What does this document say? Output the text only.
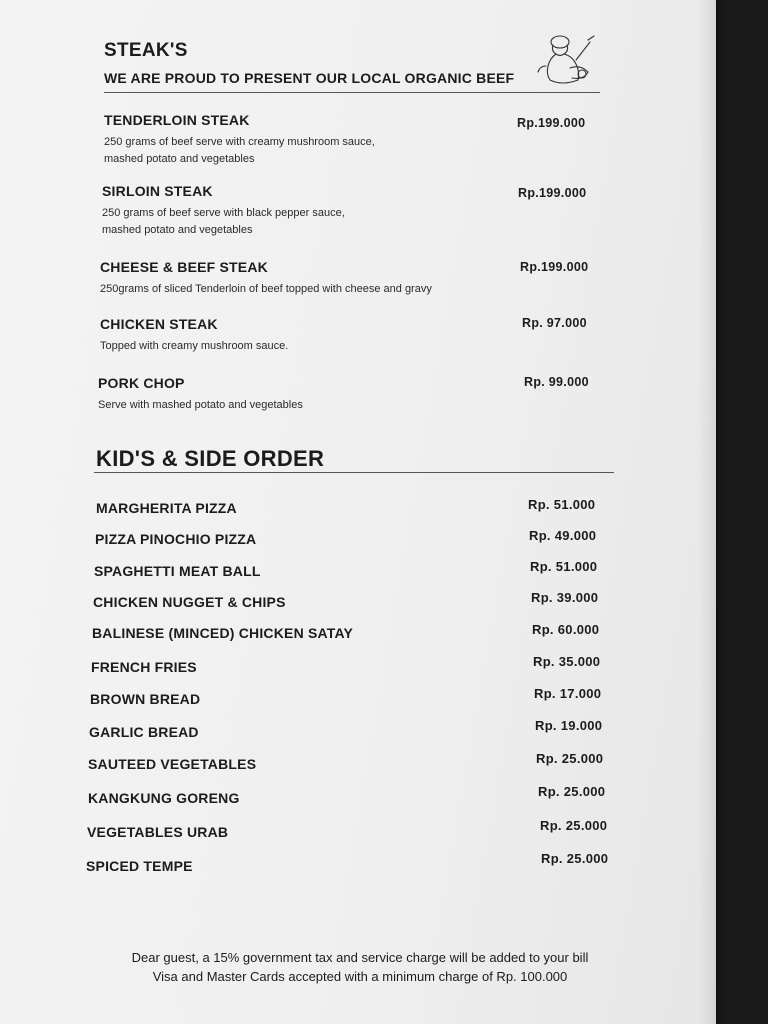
STEAK'S
WE ARE PROUD TO PRESENT OUR LOCAL ORGANIC BEEF
TENDERLOIN STEAK
250 grams of beef serve with creamy mushroom sauce, mashed potato and vegetables
Rp.199.000
SIRLOIN STEAK
250 grams of beef serve with black pepper sauce, mashed potato and vegetables
Rp.199.000
CHEESE & BEEF STEAK
250grams of sliced Tenderloin of beef topped with cheese and gravy
Rp.199.000
CHICKEN STEAK
Topped with creamy mushroom sauce.
Rp. 97.000
PORK CHOP
Serve with mashed potato and vegetables
Rp. 99.000
KID'S & SIDE ORDER
MARGHERITA PIZZA	Rp. 51.000
PIZZA PINOCHIO PIZZA	Rp. 49.000
SPAGHETTI MEAT BALL	Rp. 51.000
CHICKEN NUGGET & CHIPS	Rp. 39.000
BALINESE (MINCED) CHICKEN SATAY	Rp. 60.000
FRENCH FRIES	Rp. 35.000
BROWN BREAD	Rp. 17.000
GARLIC BREAD	Rp. 19.000
SAUTEED VEGETABLES	Rp. 25.000
KANGKUNG GORENG	Rp. 25.000
VEGETABLES URAB	Rp. 25.000
SPICED TEMPE	Rp. 25.000
Dear guest, a 15% government tax and service charge will be added to your bill
Visa and Master Cards accepted with a minimum charge of Rp. 100.000
